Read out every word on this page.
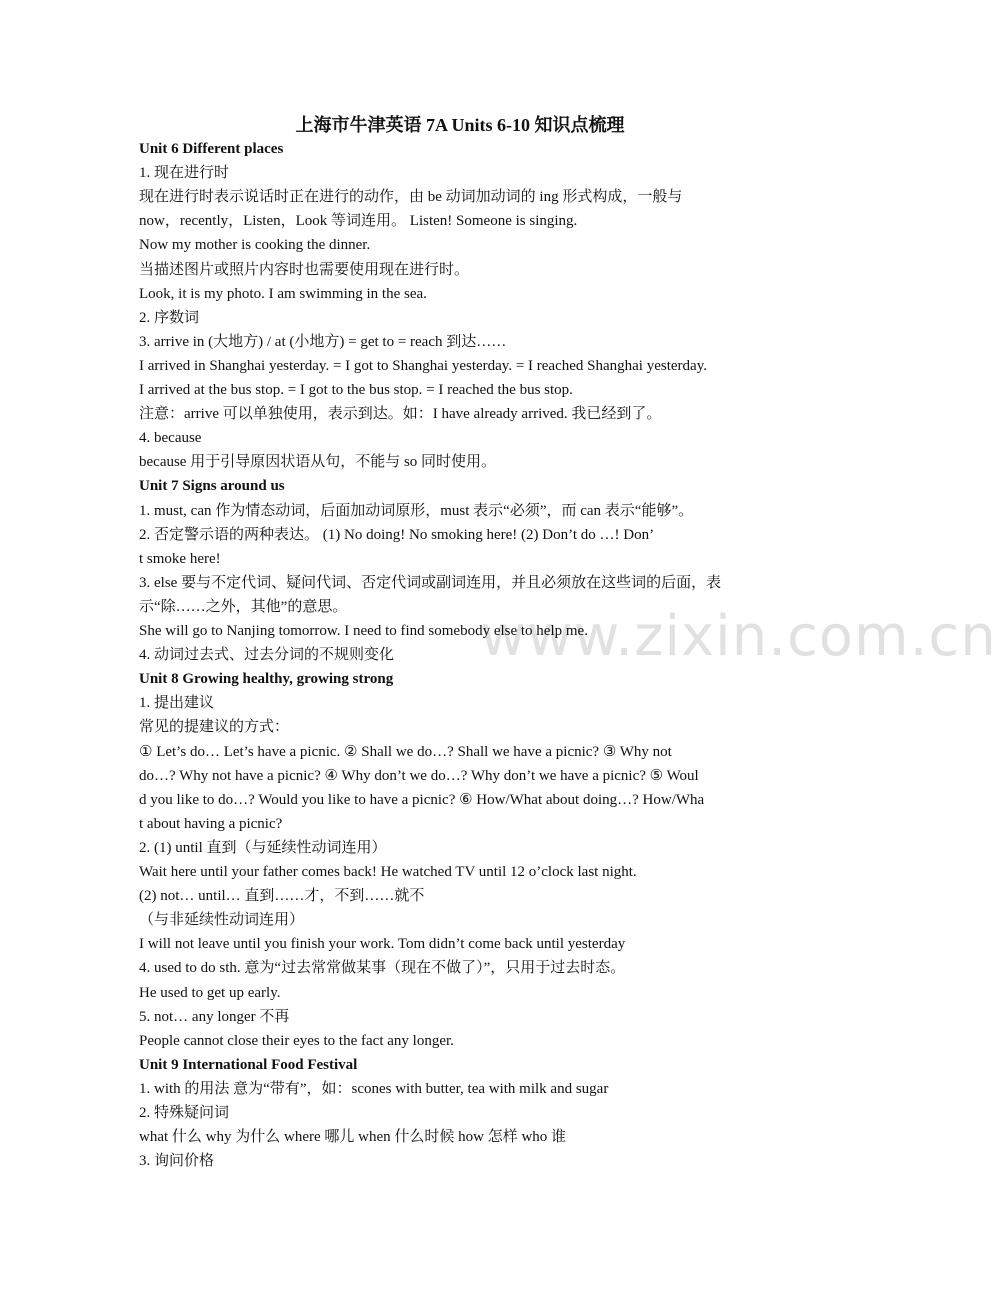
上海市牛津英语 7A Units 6-10 知识点梳理
www.zixin.com.cn
Unit 6 Different places
1. 现在进行时
现在进行时表示说话时正在进行的动作，由 be 动词加动词的 ing 形式构成，一般与
now，recently，Listen，Look 等词连用。 Listen! Someone is singing.
Now my mother is cooking the dinner.
当描述图片或照片内容时也需要使用现在进行时。
Look, it is my photo. I am swimming in the sea.
2. 序数词
3. arrive in (大地方) / at (小地方) = get to = reach 到达……
I arrived in Shanghai yesterday. = I got to Shanghai yesterday. = I reached Shanghai yesterday.
I arrived at the bus stop. = I got to the bus stop. = I reached the bus stop.
注意：arrive 可以单独使用，表示到达。如：I have already arrived. 我已经到了。
4. because
because 用于引导原因状语从句，不能与 so 同时使用。
Unit 7 Signs around us
1. must, can 作为情态动词，后面加动词原形，must 表示“必须”，而 can 表示“能够”。
2. 否定警示语的两种表达。 (1) No doing! No smoking here! (2) Don’t do …! Don’
t smoke here!
3. else 要与不定代词、疑问代词、否定代词或副词连用，并且必须放在这些词的后面，表
示“除……之外，其他”的意思。
She will go to Nanjing tomorrow. I need to find somebody else to help me.
4. 动词过去式、过去分词的不规则变化
Unit 8 Growing healthy, growing strong
1. 提出建议
常见的提建议的方式：
① Let’s do… Let’s have a picnic. ② Shall we do…? Shall we have a picnic? ③ Why not
do…? Why not have a picnic? ④ Why don’t we do…? Why don’t we have a picnic? ⑤ Woul
d you like to do…? Would you like to have a picnic? ⑥ How/What about doing…? How/Wha
t about having a picnic?
2. (1) until 直到（与延续性动词连用）
Wait here until your father comes back! He watched TV until 12 o’clock last night.
(2) not… until… 直到……才，不到……就不
（与非延续性动词连用）
I will not leave until you finish your work. Tom didn’t come back until yesterday
4. used to do sth. 意为“过去常常做某事（现在不做了）”，只用于过去时态。
He used to get up early.
5. not… any longer 不再
People cannot close their eyes to the fact any longer.
Unit 9 International Food Festival
1. with 的用法 意为“带有”，如：scones with butter, tea with milk and sugar
2. 特殊疑问词
what 什么 why 为什么 where 哪儿 when 什么时候 how 怎样 who 谁
3. 询问价格
